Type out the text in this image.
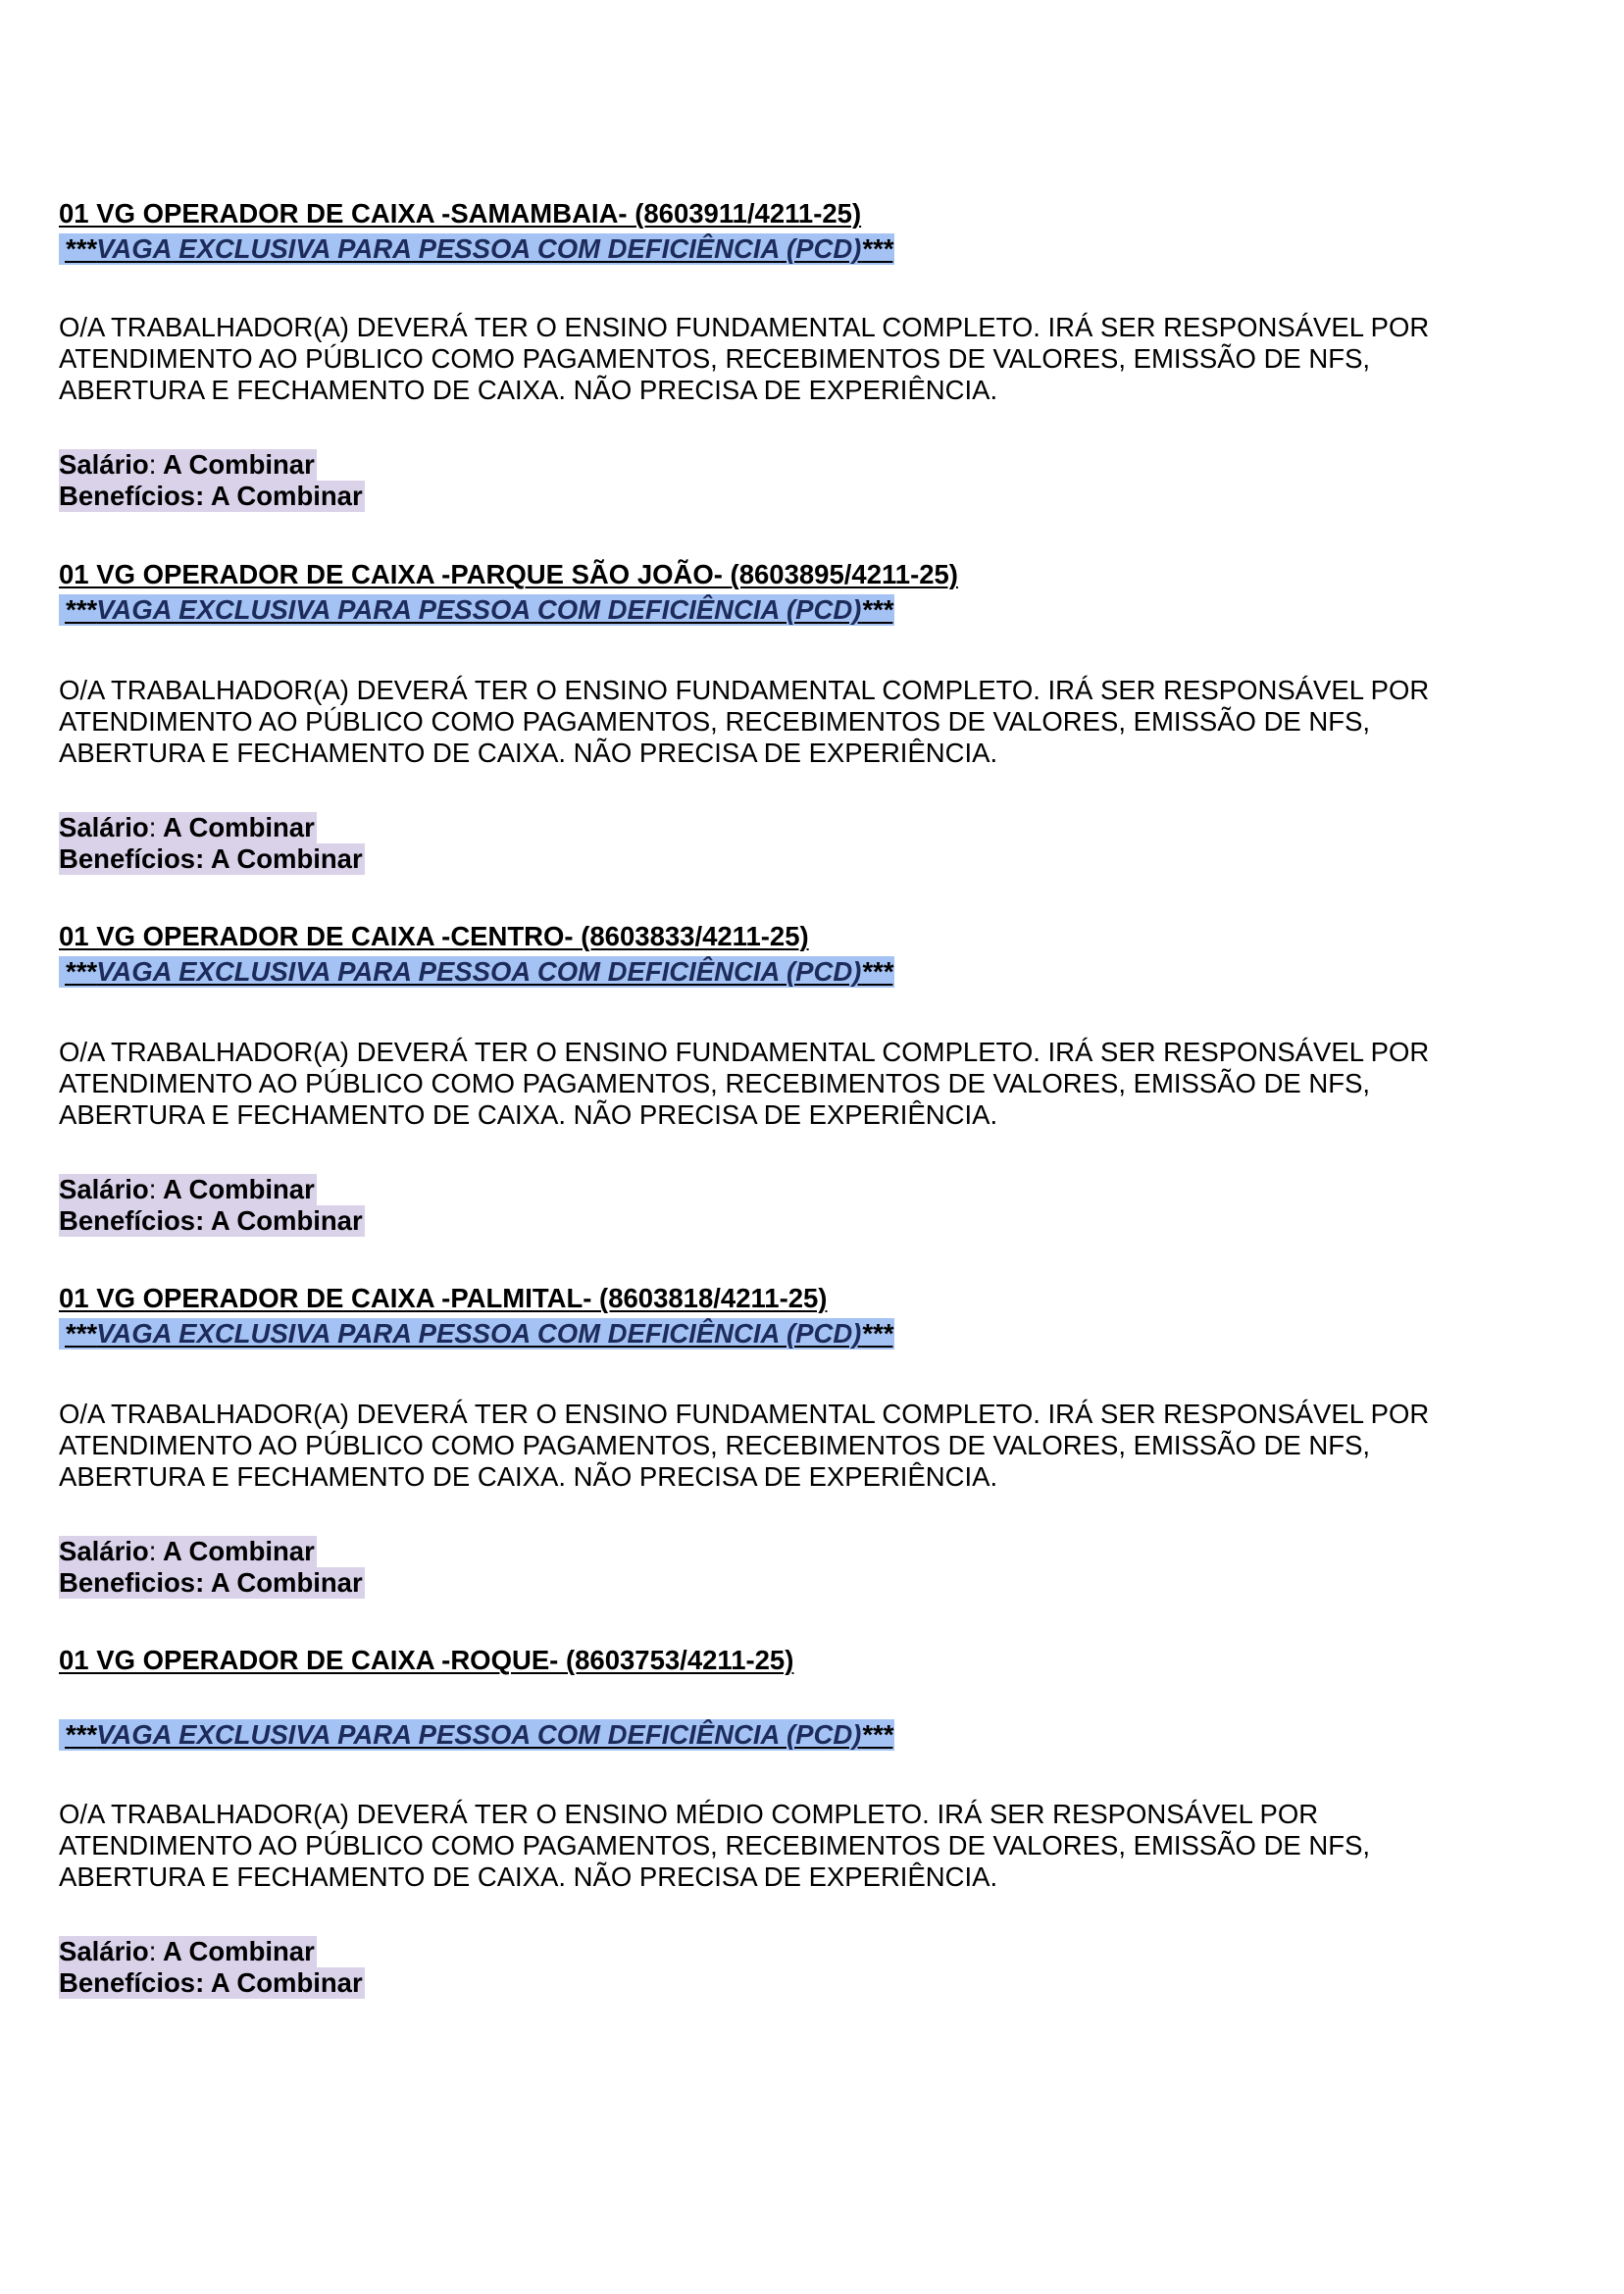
01 VG OPERADOR DE CAIXA -SAMAMBAIA- (8603911/4211-25)
***VAGA EXCLUSIVA PARA PESSOA COM DEFICIÊNCIA (PCD)***
O/A TRABALHADOR(A) DEVERÁ TER O ENSINO FUNDAMENTAL COMPLETO. IRÁ SER RESPONSÁVEL POR
ATENDIMENTO AO PÚBLICO COMO PAGAMENTOS, RECEBIMENTOS DE VALORES, EMISSÃO DE NFS,
ABERTURA E FECHAMENTO DE CAIXA. NÃO PRECISA DE EXPERIÊNCIA.
Salário: A Combinar
Benefícios: A Combinar
01 VG OPERADOR DE CAIXA -PARQUE SÃO JOÃO- (8603895/4211-25)
***VAGA EXCLUSIVA PARA PESSOA COM DEFICIÊNCIA (PCD)***
O/A TRABALHADOR(A) DEVERÁ TER O ENSINO FUNDAMENTAL COMPLETO. IRÁ SER RESPONSÁVEL POR
ATENDIMENTO AO PÚBLICO COMO PAGAMENTOS, RECEBIMENTOS DE VALORES, EMISSÃO DE NFS,
ABERTURA E FECHAMENTO DE CAIXA. NÃO PRECISA DE EXPERIÊNCIA.
Salário: A Combinar
Benefícios: A Combinar
01 VG OPERADOR DE CAIXA -CENTRO- (8603833/4211-25)
***VAGA EXCLUSIVA PARA PESSOA COM DEFICIÊNCIA (PCD)***
O/A TRABALHADOR(A) DEVERÁ TER O ENSINO FUNDAMENTAL COMPLETO. IRÁ SER RESPONSÁVEL POR
ATENDIMENTO AO PÚBLICO COMO PAGAMENTOS, RECEBIMENTOS DE VALORES, EMISSÃO DE NFS,
ABERTURA E FECHAMENTO DE CAIXA. NÃO PRECISA DE EXPERIÊNCIA.
Salário: A Combinar
Benefícios: A Combinar
01 VG OPERADOR DE CAIXA -PALMITAL- (8603818/4211-25)
***VAGA EXCLUSIVA PARA PESSOA COM DEFICIÊNCIA (PCD)***
O/A TRABALHADOR(A) DEVERÁ TER O ENSINO FUNDAMENTAL COMPLETO. IRÁ SER RESPONSÁVEL POR
ATENDIMENTO AO PÚBLICO COMO PAGAMENTOS, RECEBIMENTOS DE VALORES, EMISSÃO DE NFS,
ABERTURA E FECHAMENTO DE CAIXA. NÃO PRECISA DE EXPERIÊNCIA.
Salário: A Combinar
Beneficios: A Combinar
01 VG OPERADOR DE CAIXA -ROQUE- (8603753/4211-25)
***VAGA EXCLUSIVA PARA PESSOA COM DEFICIÊNCIA (PCD)***
O/A TRABALHADOR(A) DEVERÁ TER O ENSINO MÉDIO COMPLETO. IRÁ SER RESPONSÁVEL POR
ATENDIMENTO AO PÚBLICO COMO PAGAMENTOS, RECEBIMENTOS DE VALORES, EMISSÃO DE NFS,
ABERTURA E FECHAMENTO DE CAIXA. NÃO PRECISA DE EXPERIÊNCIA.
Salário: A Combinar
Benefícios: A Combinar
